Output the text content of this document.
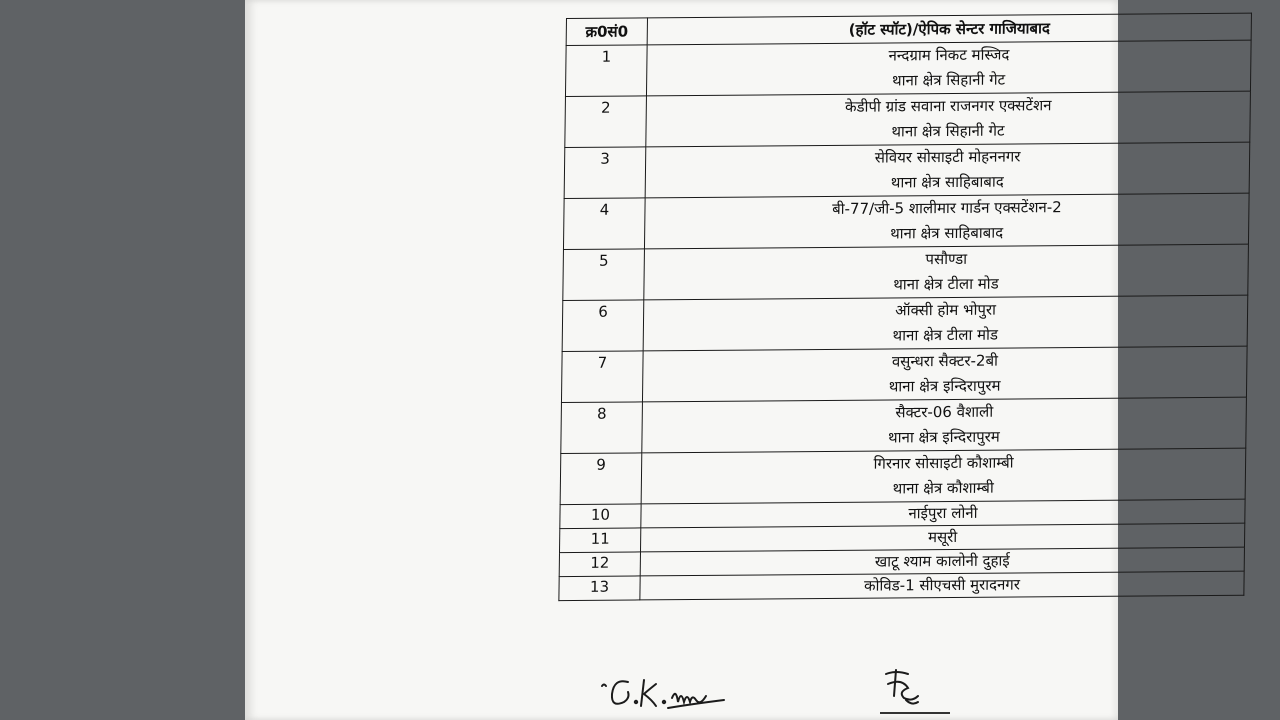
क्र0सं0	(हॉट स्पॉट)/ऐपिक सेन्टर गाजियाबाद
1	नन्दग्राम निकट मस्जिद
थाना क्षेत्र सिहानी गेट

2	केडीपी ग्रांड सवाना राजनगर एक्सटेंशन
थाना क्षेत्र सिहानी गेट

3	सेवियर सोसाइटी मोहननगर
थाना क्षेत्र साहिबाबाद

4	बी-77/जी-5 शालीमार गार्डन एक्सटेंशन-2
थाना क्षेत्र साहिबाबाद

5	पसौण्डा
थाना क्षेत्र टीला मोड

6	ऑक्सी होम भोपुरा
थाना क्षेत्र टीला मोड

7	वसुन्धरा सैक्टर-2बी
थाना क्षेत्र इन्दिरापुरम

8	सैक्टर-06 वैशाली
थाना क्षेत्र इन्दिरापुरम

9	गिरनार सोसाइटी कौशाम्बी
थाना क्षेत्र कौशाम्बी

10	नाईपुरा लोनी
11	मसूरी
12	खाटू श्याम कालोनी दुहाई
13	कोविड-1 सीएचसी मुरादनगर
